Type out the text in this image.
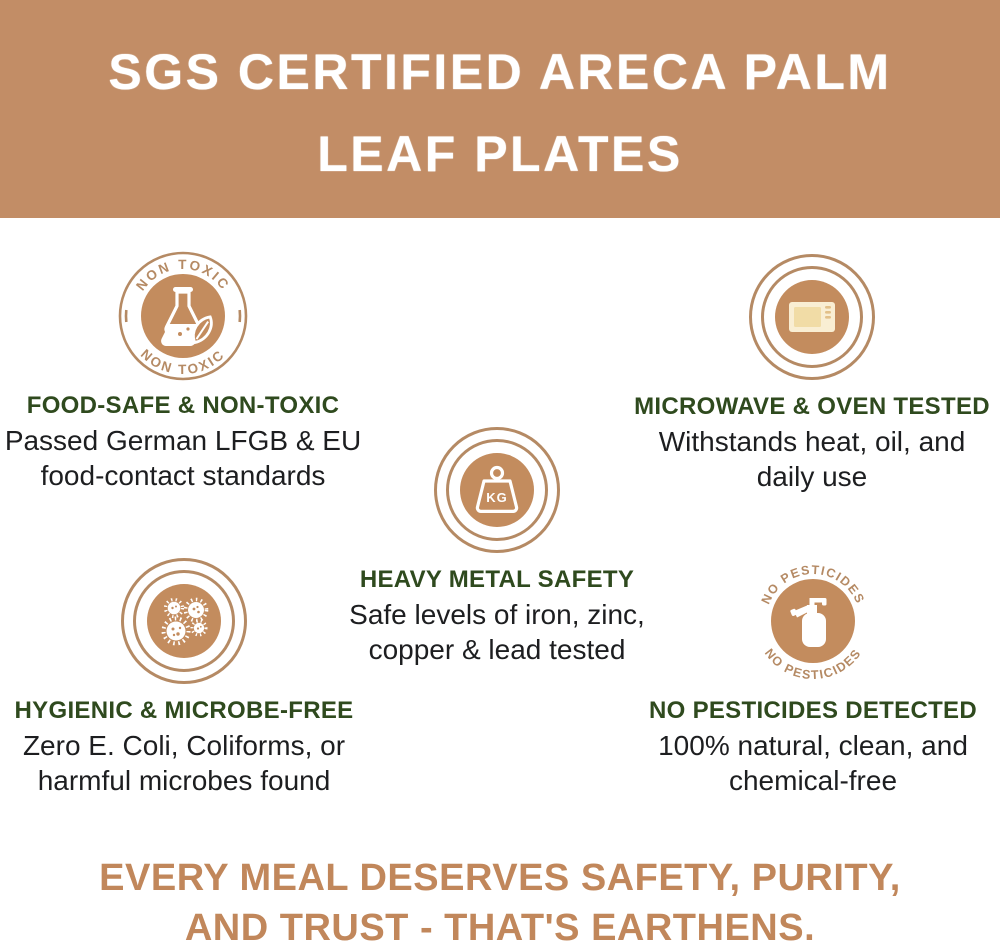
SGS CERTIFIED ARECA PALM
LEAF PLATES
NON TOXIC
NON TOXIC
FOOD-SAFE & NON-TOXIC
Passed German LFGB & EU
food-contact standards
MICROWAVE & OVEN TESTED
Withstands heat, oil, and
daily use
KG
HEAVY METAL SAFETY
Safe levels of iron, zinc,
copper & lead tested
HYGIENIC & MICROBE-FREE
Zero E. Coli, Coliforms, or
harmful microbes found
NO PESTICIDES
NO PESTICIDES
NO PESTICIDES DETECTED
100% natural, clean, and
chemical-free
EVERY MEAL DESERVES SAFETY, PURITY,
AND TRUST - THAT'S EARTHENS.
